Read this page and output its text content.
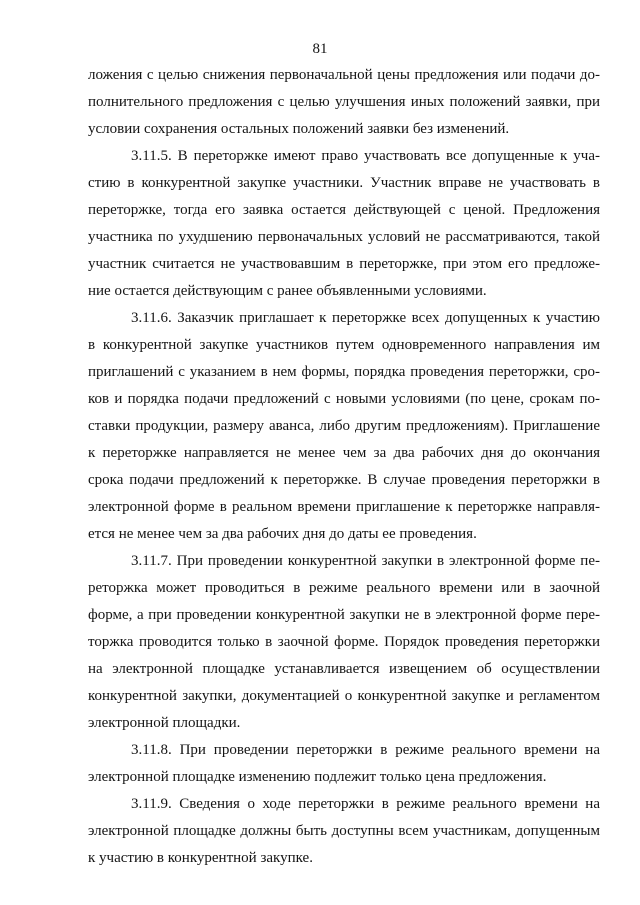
81
ложения с целью снижения первоначальной цены предложения или подачи до-
полнительного предложения с целью улучшения иных положений заявки, при
условии сохранения остальных положений заявки без изменений.
3.11.5. В переторжке имеют право участвовать все допущенные к уча-
стию в конкурентной закупке участники. Участник вправе не участвовать в
переторжке, тогда его заявка остается действующей с ценой. Предложения
участника по ухудшению первоначальных условий не рассматриваются, такой
участник считается не участвовавшим в переторжке, при этом его предложе-
ние остается действующим с ранее объявленными условиями.
3.11.6. Заказчик приглашает к переторжке всех допущенных к участию
в конкурентной закупке участников путем одновременного направления им
приглашений с указанием в нем формы, порядка проведения переторжки, сро-
ков и порядка подачи предложений с новыми условиями (по цене, срокам по-
ставки продукции, размеру аванса, либо другим предложениям). Приглашение
к переторжке направляется не менее чем за два рабочих дня до окончания
срока подачи предложений к переторжке. В случае проведения переторжки в
электронной форме в реальном времени приглашение к переторжке направля-
ется не менее чем за два рабочих дня до даты ее проведения.
3.11.7. При проведении конкурентной закупки в электронной форме пе-
реторжка может проводиться в режиме реального времени или в заочной
форме, а при проведении конкурентной закупки не в электронной форме пере-
торжка проводится только в заочной форме. Порядок проведения переторжки
на электронной площадке устанавливается извещением об осуществлении
конкурентной закупки, документацией о конкурентной закупке и регламентом
электронной площадки.
3.11.8. При проведении переторжки в режиме реального времени на
электронной площадке изменению подлежит только цена предложения.
3.11.9. Сведения о ходе переторжки в режиме реального времени на
электронной площадке должны быть доступны всем участникам, допущенным
к участию в конкурентной закупке.
